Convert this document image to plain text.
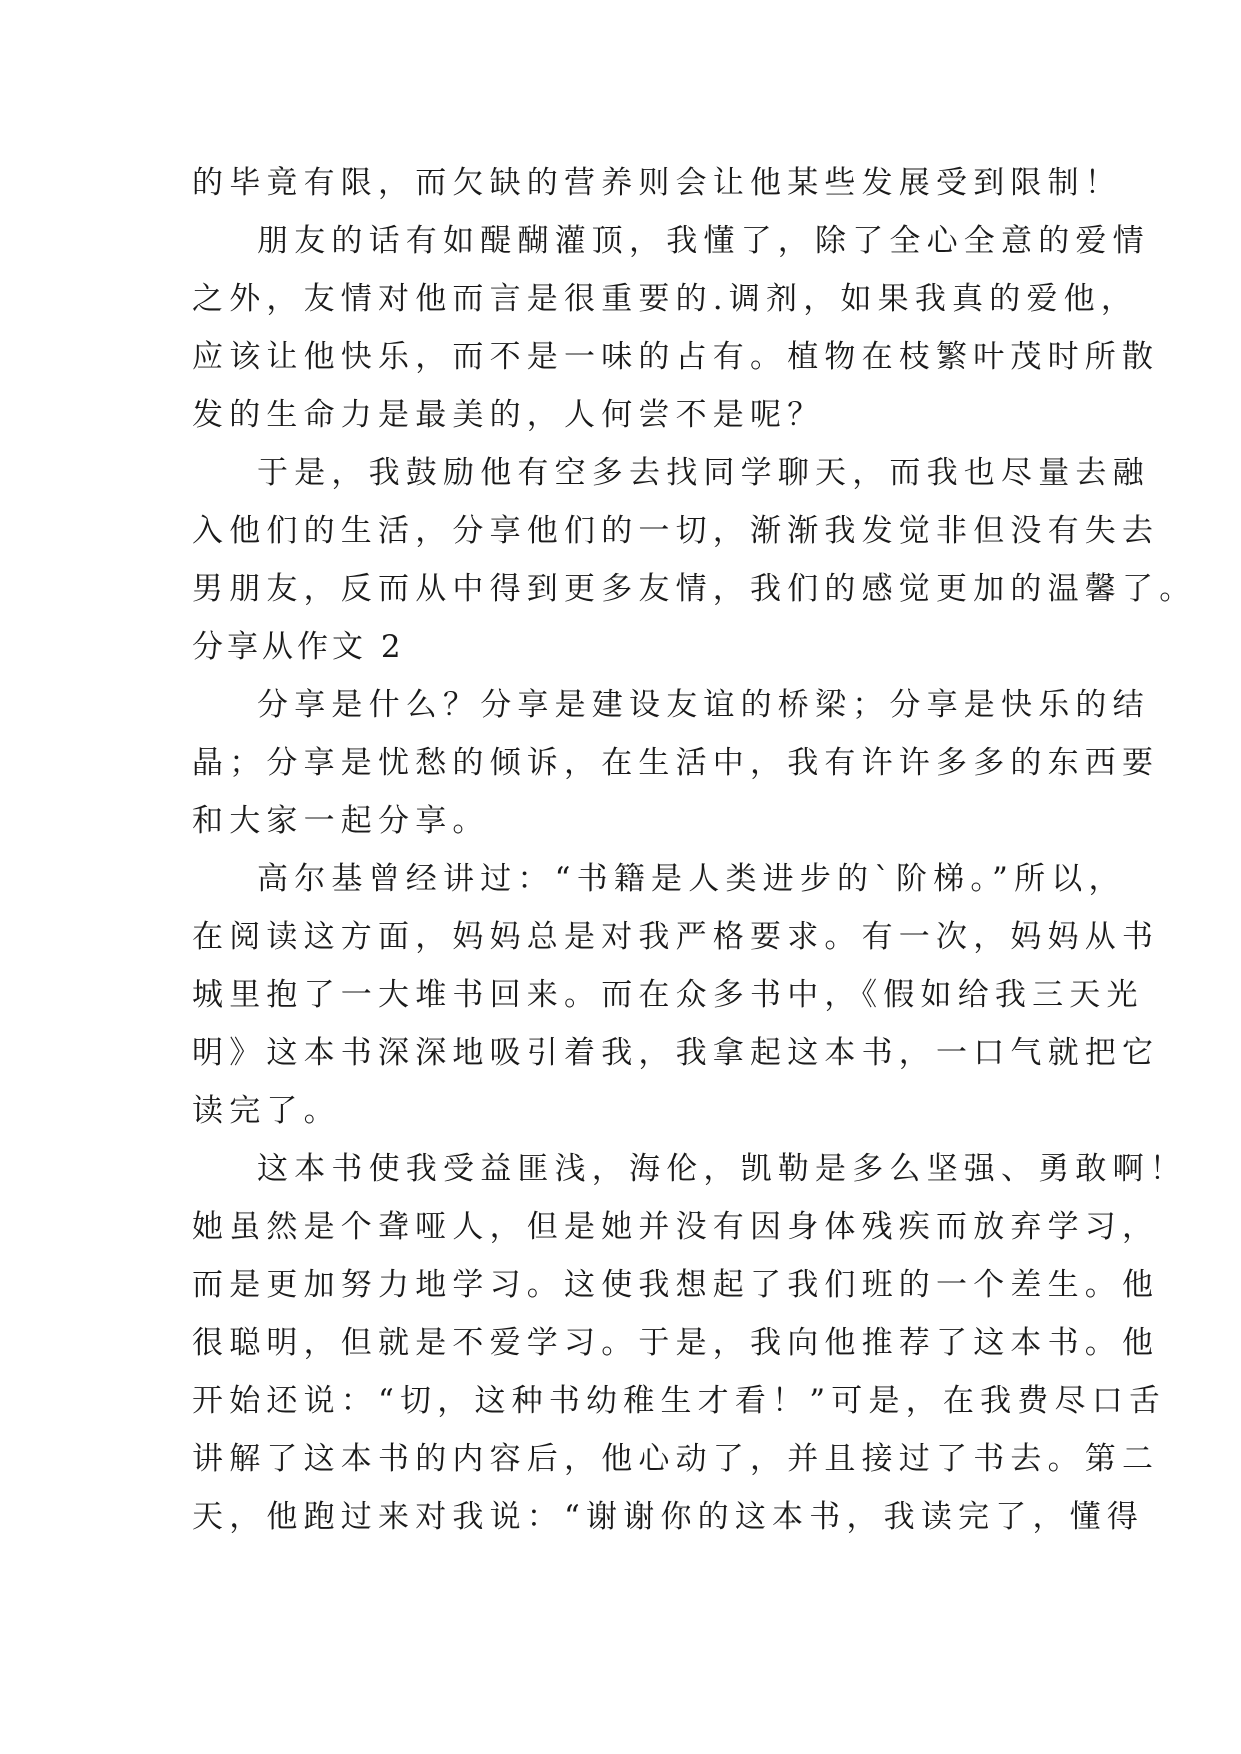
的毕竟有限，而欠缺的营养则会让他某些发展受到限制！
朋友的话有如醍醐灌顶，我懂了，除了全心全意的爱情
之外，友情对他而言是很重要的.调剂，如果我真的爱他，
应该让他快乐，而不是一味的占有。植物在枝繁叶茂时所散
发的生命力是最美的，人何尝不是呢？
于是，我鼓励他有空多去找同学聊天，而我也尽量去融
入他们的生活，分享他们的一切，渐渐我发觉非但没有失去
男朋友，反而从中得到更多友情，我们的感觉更加的温馨了。
分享从作文 2
分享是什么？分享是建设友谊的桥梁；分享是快乐的结
晶；分享是忧愁的倾诉，在生活中，我有许许多多的东西要
和大家一起分享。
高尔基曾经讲过：“书籍是人类进步的`阶梯。”所以，
在阅读这方面，妈妈总是对我严格要求。有一次，妈妈从书
城里抱了一大堆书回来。而在众多书中，《假如给我三天光
明》这本书深深地吸引着我，我拿起这本书，一口气就把它
读完了。
这本书使我受益匪浅，海伦，凯勒是多么坚强、勇敢啊！
她虽然是个聋哑人，但是她并没有因身体残疾而放弃学习，
而是更加努力地学习。这使我想起了我们班的一个差生。他
很聪明，但就是不爱学习。于是，我向他推荐了这本书。他
开始还说：“切，这种书幼稚生才看！”可是，在我费尽口舌
讲解了这本书的内容后，他心动了，并且接过了书去。第二
天，他跑过来对我说：“谢谢你的这本书，我读完了，懂得
